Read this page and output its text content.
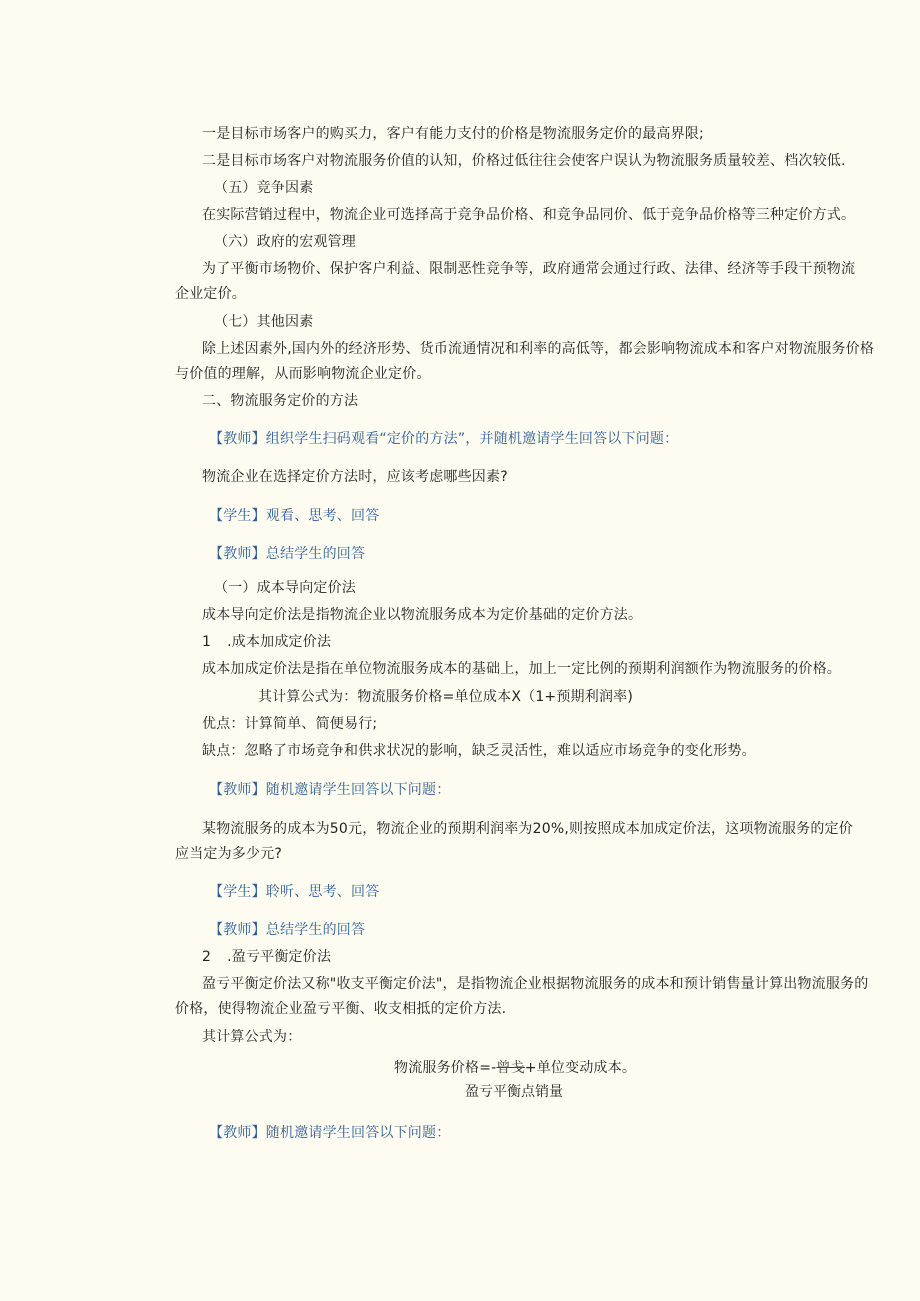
一是目标市场客户的购买力，客户有能力支付的价格是物流服务定价的最高界限;
二是目标市场客户对物流服务价值的认知，价格过低往往会使客户误认为物流服务质量较差、档次较低.
（五）竞争因素
在实际营销过程中，物流企业可选择高于竞争品价格、和竞争品同价、低于竞争品价格等三种定价方式。
（六）政府的宏观管理
为了平衡市场物价、保护客户利益、限制恶性竞争等，政府通常会通过行政、法律、经济等手段干预物流
企业定价。
（七）其他因素
除上述因素外,国内外的经济形势、货币流通情况和利率的高低等，都会影响物流成本和客户对物流服务价格
与价值的理解，从而影响物流企业定价。
二、物流服务定价的方法
【教师】组织学生扫码观看“定价的方法”，并随机邀请学生回答以下问题：
物流企业在选择定价方法时，应该考虑哪些因素?
【学生】观看、思考、回答
【教师】总结学生的回答
（一）成本导向定价法
成本导向定价法是指物流企业以物流服务成本为定价基础的定价方法。
1 .成本加成定价法
成本加成定价法是指在单位物流服务成本的基础上，加上一定比例的预期利润额作为物流服务的价格。
其计算公式为：物流服务价格=单位成本X（1+预期利润率)
优点：计算简单、简便易行;
缺点：忽略了市场竞争和供求状况的影响，缺乏灵活性，难以适应市场竞争的变化形势。
【教师】随机邀请学生回答以下问题：
某物流服务的成本为50元，物流企业的预期利润率为20%,则按照成本加成定价法，这项物流服务的定价
应当定为多少元?
【学生】聆听、思考、回答
【教师】总结学生的回答
2 .盈亏平衡定价法
盈亏平衡定价法又称"收支平衡定价法"，是指物流企业根据物流服务的成本和预计销售量计算出物流服务的
价格，使得物流企业盈亏平衡、收支相抵的定价方法.
其计算公式为：
物流服务价格=-曾戋+单位变动成本。
盈亏平衡点销量
【教师】随机邀请学生回答以下问题：
